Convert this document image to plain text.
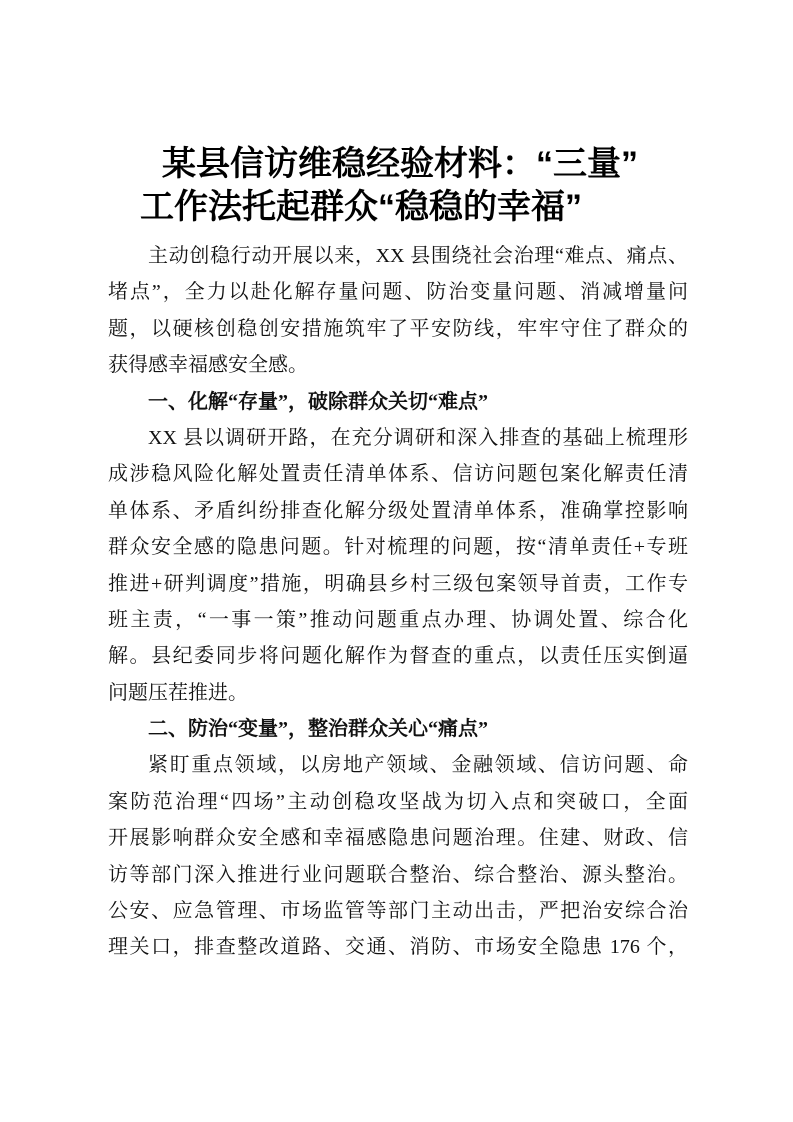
某县信访维稳经验材料：“三量”
工作法托起群众“稳稳的幸福”
主动创稳行动开展以来，XX 县围绕社会治理“难点、痛点、
堵点”，全力以赴化解存量问题、防治变量问题、消减增量问
题，以硬核创稳创安措施筑牢了平安防线，牢牢守住了群众的
获得感幸福感安全感。
一、化解“存量”，破除群众关切“难点”
XX 县以调研开路，在充分调研和深入排查的基础上梳理形
成涉稳风险化解处置责任清单体系、信访问题包案化解责任清
单体系、矛盾纠纷排查化解分级处置清单体系，准确掌控影响
群众安全感的隐患问题。针对梳理的问题，按“清单责任+专班
推进+研判调度”措施，明确县乡村三级包案领导首责，工作专
班主责，“一事一策”推动问题重点办理、协调处置、综合化
解。县纪委同步将问题化解作为督查的重点，以责任压实倒逼
问题压茬推进。
二、防治“变量”，整治群众关心“痛点”
紧盯重点领域，以房地产领域、金融领域、信访问题、命
案防范治理“四场”主动创稳攻坚战为切入点和突破口，全面
开展影响群众安全感和幸福感隐患问题治理。住建、财政、信
访等部门深入推进行业问题联合整治、综合整治、源头整治。
公安、应急管理、市场监管等部门主动出击，严把治安综合治
理关口，排查整改道路、交通、消防、市场安全隐患 176 个，
